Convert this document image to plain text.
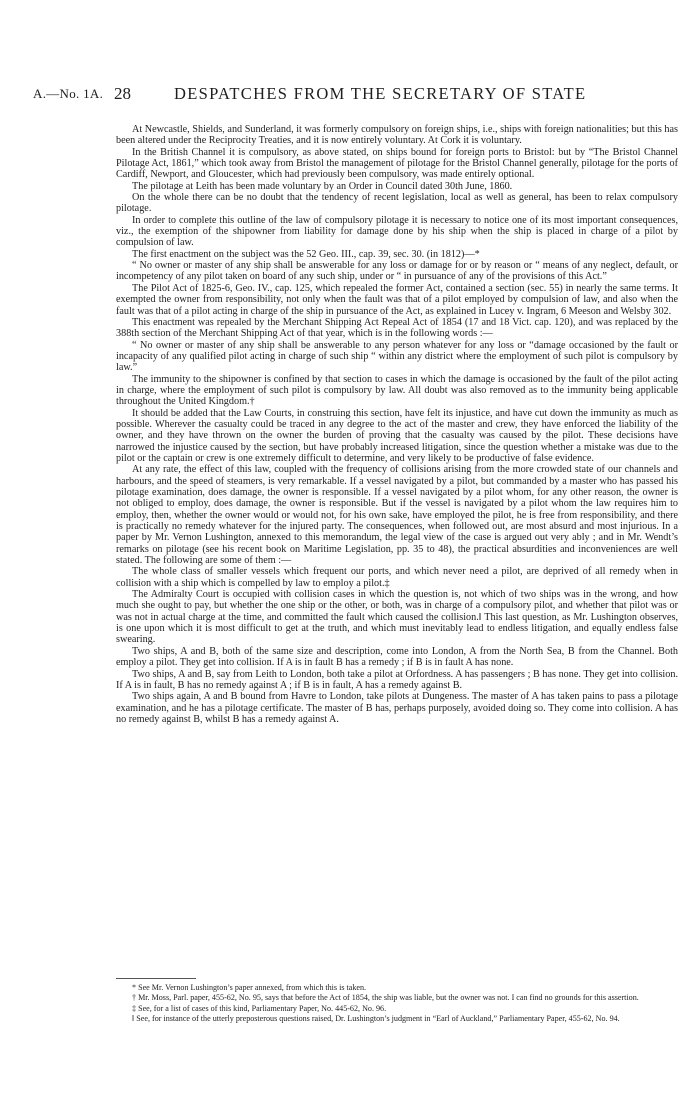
A.—No. 1A. 28	DESPATCHES FROM THE SECRETARY OF STATE

At Newcastle, Shields, and Sunderland, it was formerly compulsory on foreign ships, i.e., ships with foreign nationalities; but this has been altered under the Reciprocity Treaties, and it is now entirely voluntary. At Cork it is voluntary.

In the British Channel it is compulsory, as above stated, on ships bound for foreign ports to Bristol: but by “The Bristol Channel Pilotage Act, 1861,” which took away from Bristol the management of pilotage for the Bristol Channel generally, pilotage for the ports of Cardiff, Newport, and Gloucester, which had previously been compulsory, was made entirely optional.

The pilotage at Leith has been made voluntary by an Order in Council dated 30th June, 1860.

On the whole there can be no doubt that the tendency of recent legislation, local as well as general, has been to relax compulsory pilotage.

In order to complete this outline of the law of compulsory pilotage it is necessary to notice one of its most important consequences, viz., the exemption of the shipowner from liability for damage done by his ship when the ship is placed in charge of a pilot by compulsion of law.

The first enactment on the subject was the 52 Geo. III., cap. 39, sec. 30. (in 1812)—*

“ No owner or master of any ship shall be answerable for any loss or damage for or by reason or “ means of any neglect, default, or incompetency of any pilot taken on board of any such ship, under or “ in pursuance of any of the provisions of this Act.”

The Pilot Act of 1825-6, Geo. IV., cap. 125, which repealed the former Act, contained a section (sec. 55) in nearly the same terms. It exempted the owner from responsibility, not only when the fault was that of a pilot employed by compulsion of law, and also when the fault was that of a pilot acting in charge of the ship in pursuance of the Act, as explained in Lucey v. Ingram, 6 Meeson and Welsby 302.

This enactment was repealed by the Merchant Shipping Act Repeal Act of 1854 (17 and 18 Vict. cap. 120), and was replaced by the 388th section of the Merchant Shipping Act of that year, which is in the following words :—

“ No owner or master of any ship shall be answerable to any person whatever for any loss or “damage occasioned by the fault or incapacity of any qualified pilot acting in charge of such ship “ within any district where the employment of such pilot is compulsory by law.”

The immunity to the shipowner is confined by that section to cases in which the damage is occasioned by the fault of the pilot acting in charge, where the employment of such pilot is compulsory by law. All doubt was also removed as to the immunity being applicable throughout the United Kingdom.†

It should be added that the Law Courts, in construing this section, have felt its injustice, and have cut down the immunity as much as possible. Wherever the casualty could be traced in any degree to the act of the master and crew, they have enforced the liability of the owner, and they have thrown on the owner the burden of proving that the casualty was caused by the pilot. These decisions have narrowed the injustice caused by the section, but have probably increased litigation, since the question whether a mistake was due to the pilot or the captain or crew is one extremely difficult to determine, and very likely to be productive of false evidence.

At any rate, the effect of this law, coupled with the frequency of collisions arising from the more crowded state of our channels and harbours, and the speed of steamers, is very remarkable. If a vessel navigated by a pilot, but commanded by a master who has passed his pilotage examination, does damage, the owner is responsible. If a vessel navigated by a pilot whom, for any other reason, the owner is not obliged to employ, does damage, the owner is responsible. But if the vessel is navigated by a pilot whom the law requires him to employ, then, whether the owner would or would not, for his own sake, have employed the pilot, he is free from responsibility, and there is practically no remedy whatever for the injured party. The consequences, when followed out, are most absurd and most injurious. In a paper by Mr. Vernon Lushington, annexed to this memorandum, the legal view of the case is argued out very ably ; and in Mr. Wendt’s remarks on pilotage (see his recent book on Maritime Legislation, pp. 35 to 48), the practical absurdities and inconveniences are well stated. The following are some of them :—

The whole class of smaller vessels which frequent our ports, and which never need a pilot, are deprived of all remedy when in collision with a ship which is compelled by law to employ a pilot.‡

The Admiralty Court is occupied with collision cases in which the question is, not which of two ships was in the wrong, and how much she ought to pay, but whether the one ship or the other, or both, was in charge of a compulsory pilot, and whether that pilot was or was not in actual charge at the time, and committed the fault which caused the collision.‖ This last question, as Mr. Lushington observes, is one upon which it is most difficult to get at the truth, and which must inevitably lead to endless litigation, and equally endless false swearing.

Two ships, A and B, both of the same size and description, come into London, A from the North Sea, B from the Channel. Both employ a pilot. They get into collision. If A is in fault B has a remedy ; if B is in fault A has none.

Two ships, A and B, say from Leith to London, both take a pilot at Orfordness. A has passengers ; B has none. They get into collision. If A is in fault, B has no remedy against A ; if B is in fault, A has a remedy against B.

Two ships again, A and B bound from Havre to London, take pilots at Dungeness. The master of A has taken pains to pass a pilotage examination, and he has a pilotage certificate. The master of B has, perhaps purposely, avoided doing so. They come into collision. A has no remedy against B, whilst B has a remedy against A.

* See Mr. Vernon Lushington’s paper annexed, from which this is taken.

† Mr. Moss, Parl. paper, 455-62, No. 95, says that before the Act of 1854, the ship was liable, but the owner was not. I can find no grounds for this assertion.

‡ See, for a list of cases of this kind, Parliamentary Paper, No. 445-62, No. 96.

‖ See, for instance of the utterly preposterous questions raised, Dr. Lushington’s judgment in “Earl of Auckland,” Parliamentary Paper, 455-62, No. 94.
